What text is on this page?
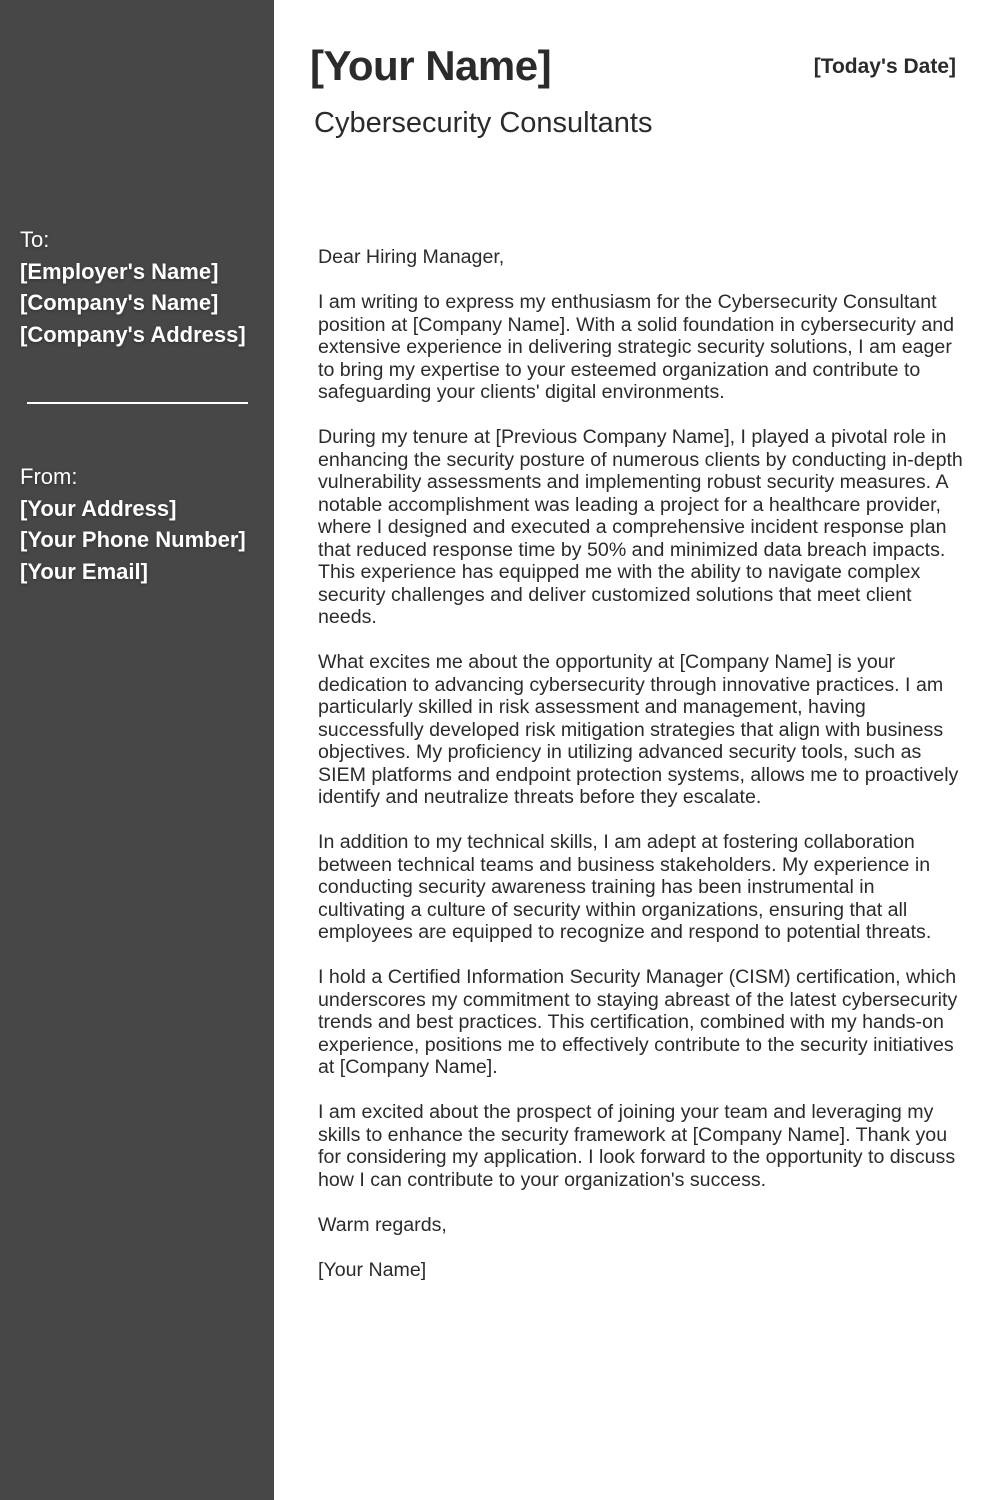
To:
[Employer's Name]
[Company's Name]
[Company's Address]
From:
[Your Address]
[Your Phone Number]
[Your Email]
[Your Name]	[Today's Date]
Cybersecurity Consultants

Dear Hiring Manager,

I am writing to express my enthusiasm for the Cybersecurity Consultant position at [Company Name]. With a solid foundation in cybersecurity and extensive experience in delivering strategic security solutions, I am eager to bring my expertise to your esteemed organization and contribute to safeguarding your clients' digital environments.

During my tenure at [Previous Company Name], I played a pivotal role in enhancing the security posture of numerous clients by conducting in-depth vulnerability assessments and implementing robust security measures. A notable accomplishment was leading a project for a healthcare provider, where I designed and executed a comprehensive incident response plan that reduced response time by 50% and minimized data breach impacts. This experience has equipped me with the ability to navigate complex security challenges and deliver customized solutions that meet client needs.

What excites me about the opportunity at [Company Name] is your dedication to advancing cybersecurity through innovative practices. I am particularly skilled in risk assessment and management, having successfully developed risk mitigation strategies that align with business objectives. My proficiency in utilizing advanced security tools, such as SIEM platforms and endpoint protection systems, allows me to proactively identify and neutralize threats before they escalate.

In addition to my technical skills, I am adept at fostering collaboration between technical teams and business stakeholders. My experience in conducting security awareness training has been instrumental in cultivating a culture of security within organizations, ensuring that all employees are equipped to recognize and respond to potential threats.

I hold a Certified Information Security Manager (CISM) certification, which underscores my commitment to staying abreast of the latest cybersecurity trends and best practices. This certification, combined with my hands-on experience, positions me to effectively contribute to the security initiatives at [Company Name].

I am excited about the prospect of joining your team and leveraging my skills to enhance the security framework at [Company Name]. Thank you for considering my application. I look forward to the opportunity to discuss how I can contribute to your organization's success.

Warm regards,

[Your Name]
